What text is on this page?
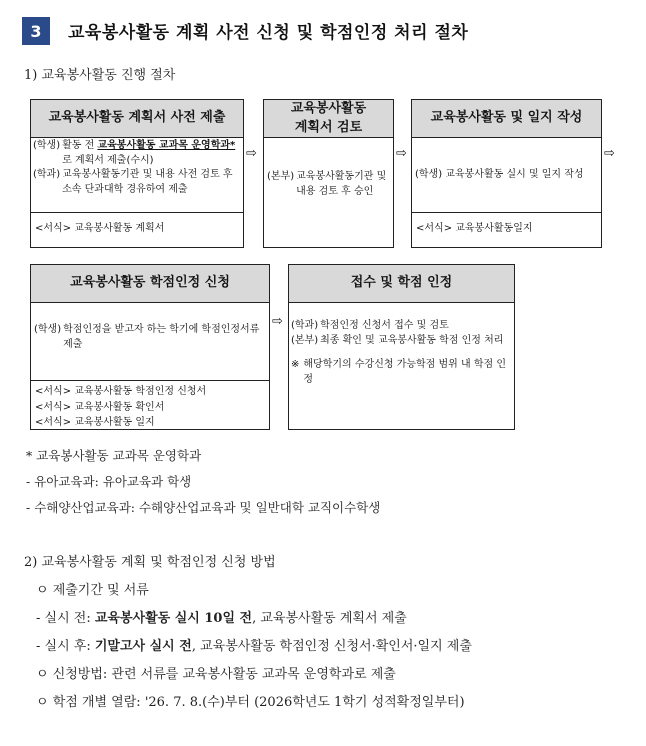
3	교육봉사활동 계획 사전 신청 및 학점인정 처리 절차
1) 교육봉사활동 진행 절차
교육봉사활동 계획서 사전 제출
(학생) 활동 전 교육봉사활동 교과목 운영학과*로 계획서 제출(수시)
(학과) 교육봉사활동기관 및 내용 사전 검토 후 소속 단과대학 경유하여 제출
<서식> 교육봉사활동 계획서
⇨
교육봉사활동 계획서 검토
(본부) 교육봉사활동기관 및 내용 검토 후 승인
⇨
교육봉사활동 및 일지 작성
(학생) 교육봉사활동 실시 및 일지 작성
<서식> 교육봉사활동일지
⇨
교육봉사활동 학점인정 신청
(학생) 학점인정을 받고자 하는 학기에 학점인정서류 제출
<서식> 교육봉사활동 학점인정 신청서
<서식> 교육봉사활동 확인서
<서식> 교육봉사활동 일지
⇨
접수 및 학점 인정
(학과) 학점인정 신청서 접수 및 검토
(본부) 최종 확인 및 교육봉사활동 학점 인정 처리
※ 해당학기의 수강신청 가능학점 범위 내 학점 인정
* 교육봉사활동 교과목 운영학과
- 유아교육과: 유아교육과 학생
- 수해양산업교육과: 수해양산업교육과 및 일반대학 교직이수학생
2) 교육봉사활동 계획 및 학점인정 신청 방법
ㅇ 제출기간 및 서류
- 실시 전: 교육봉사활동 실시 10일 전, 교육봉사활동 계획서 제출
- 실시 후: 기말고사 실시 전, 교육봉사활동 학점인정 신청서·확인서·일지 제출
ㅇ 신청방법: 관련 서류를 교육봉사활동 교과목 운영학과로 제출
ㅇ 학점 개별 열람: '26. 7. 8.(수)부터 (2026학년도 1학기 성적확정일부터)
